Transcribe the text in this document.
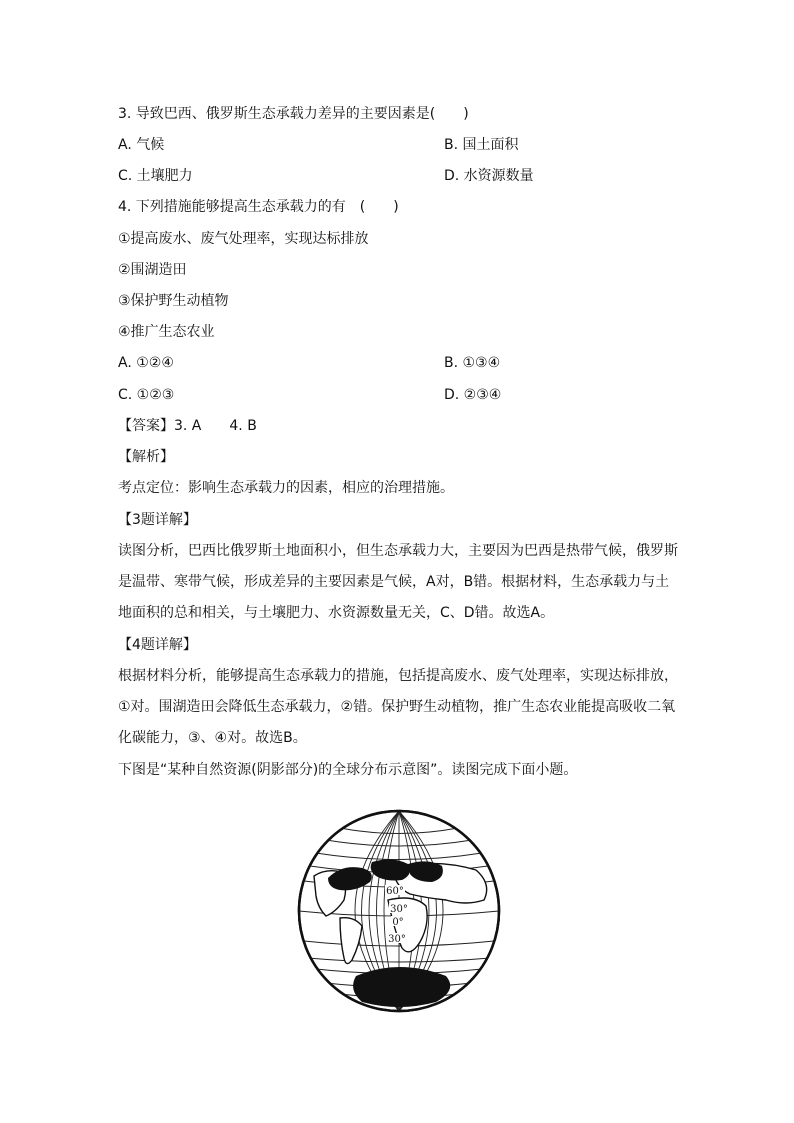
3. 导致巴西、俄罗斯生态承载力差异的主要因素是(　　)
A. 气候	B. 国土面积
C. 土壤肥力	D. 水资源数量
4. 下列措施能够提高生态承载力的有　(　　)
①提高废水、废气处理率，实现达标排放
②围湖造田
③保护野生动植物
④推广生态农业
A. ①②④	B. ①③④
C. ①②③	D. ②③④
【答案】3. A　　4. B
【解析】
考点定位：影响生态承载力的因素，相应的治理措施。
【3题详解】
读图分析，巴西比俄罗斯土地面积小，但生态承载力大，主要因为巴西是热带气候，俄罗斯
是温带、寒带气候，形成差异的主要因素是气候，A对，B错。根据材料，生态承载力与土
地面积的总和相关，与土壤肥力、水资源数量无关，C、D错。故选A。
【4题详解】
根据材料分析，能够提高生态承载力的措施，包括提高废水、废气处理率，实现达标排放，
①对。围湖造田会降低生态承载力，②错。保护野生动植物，推广生态农业能提高吸收二氧
化碳能力，③、④对。故选B。
下图是“某种自然资源(阴影部分)的全球分布示意图”。读图完成下面小题。
60°
30°
0°
30°
